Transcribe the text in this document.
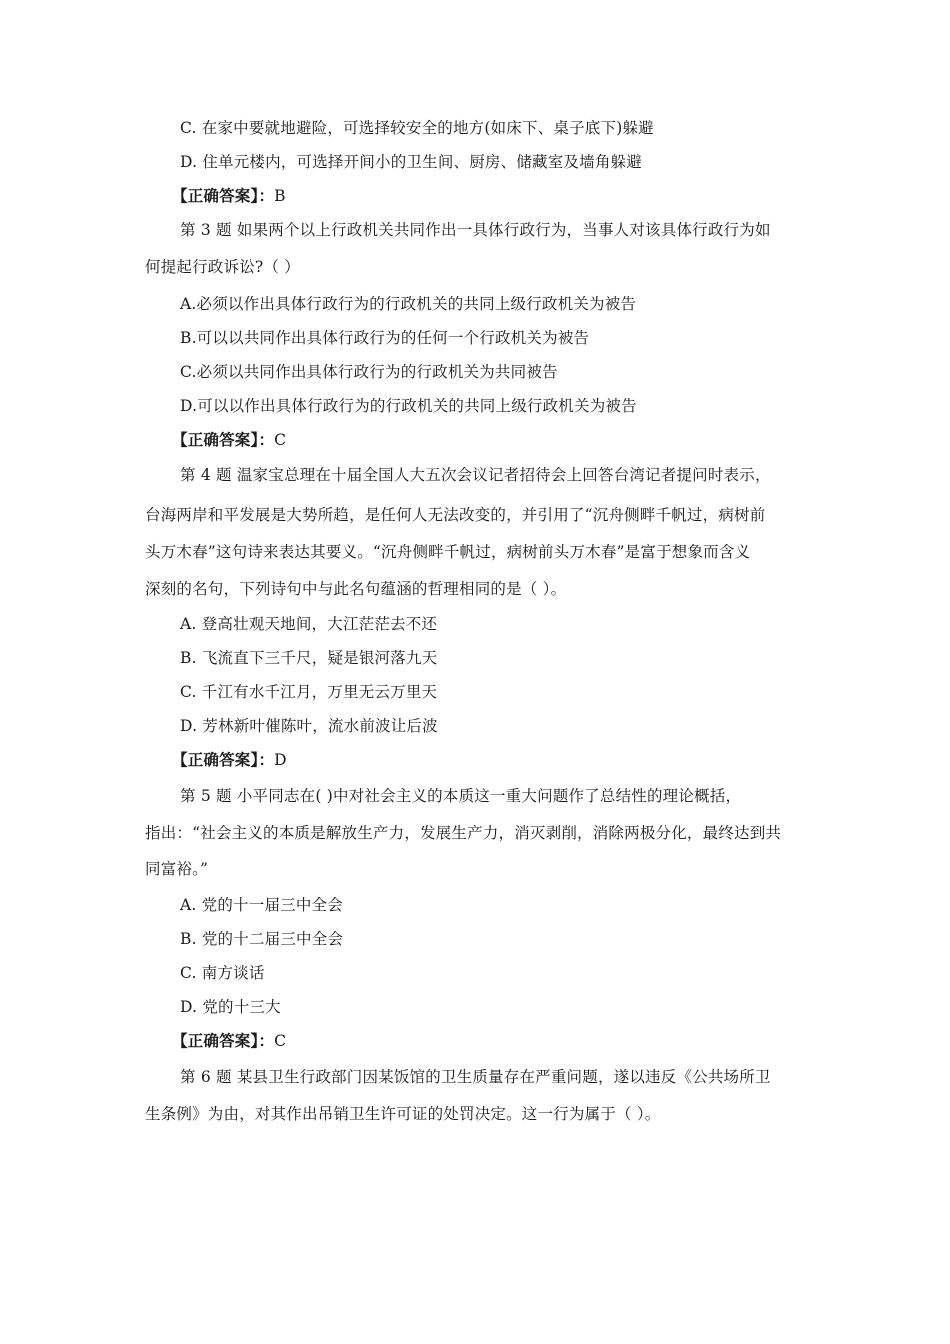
C. 在家中要就地避险，可选择较安全的地方(如床下、桌子底下)躲避
D. 住单元楼内，可选择开间小的卫生间、厨房、储藏室及墙角躲避
【正确答案】：B
第 3 题 如果两个以上行政机关共同作出一具体行政行为，当事人对该具体行政行为如
何提起行政诉讼?（ ）
A.必须以作出具体行政行为的行政机关的共同上级行政机关为被告
B.可以以共同作出具体行政行为的任何一个行政机关为被告
C.必须以共同作出具体行政行为的行政机关为共同被告
D.可以以作出具体行政行为的行政机关的共同上级行政机关为被告
【正确答案】：C
第 4 题 温家宝总理在十届全国人大五次会议记者招待会上回答台湾记者提问时表示，
台海两岸和平发展是大势所趋，是任何人无法改变的，并引用了“沉舟侧畔千帆过，病树前
头万木春”这句诗来表达其要义。“沉舟侧畔千帆过，病树前头万木春”是富于想象而含义
深刻的名句，下列诗句中与此名句蕴涵的哲理相同的是（ ）。
A. 登高壮观天地间，大江茫茫去不还
B. 飞流直下三千尺，疑是银河落九天
C. 千江有水千江月，万里无云万里天
D. 芳林新叶催陈叶，流水前波让后波
【正确答案】：D
第 5 题 小平同志在( )中对社会主义的本质这一重大问题作了总结性的理论概括，
指出：“社会主义的本质是解放生产力，发展生产力，消灭剥削，消除两极分化，最终达到共
同富裕。”
A. 党的十一届三中全会
B. 党的十二届三中全会
C. 南方谈话
D. 党的十三大
【正确答案】：C
第 6 题 某县卫生行政部门因某饭馆的卫生质量存在严重问题，遂以违反《公共场所卫
生条例》为由，对其作出吊销卫生许可证的处罚决定。这一行为属于（ ）。
